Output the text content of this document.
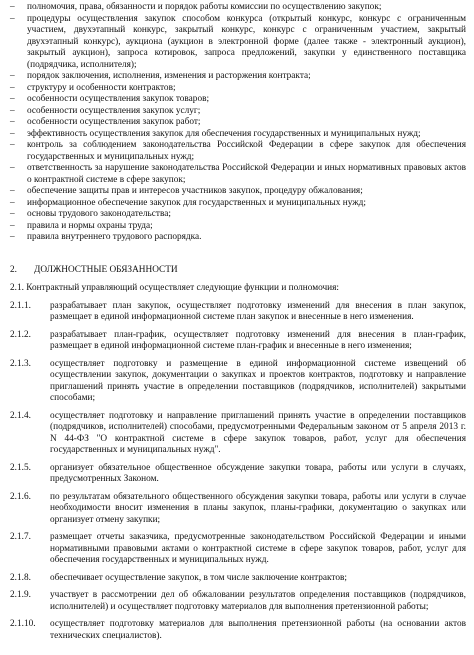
– полномочия, права, обязанности и порядок работы комиссии по осуществлению закупок;
– процедуры осуществления закупок способом конкурса (открытый конкурс, конкурс с ограниченным участием, двухэтапный конкурс, закрытый конкурс, конкурс с ограниченным участием, закрытый двухэтапный конкурс), аукциона (аукцион в электронной форме (далее также - электронный аукцион), закрытый аукцион), запроса котировок, запроса предложений, закупки у единственного поставщика (подрядчика, исполнителя);
– порядок заключения, исполнения, изменения и расторжения контракта;
– структуру и особенности контрактов;
– особенности осуществления закупок товаров;
– особенности осуществления закупок услуг;
– особенности осуществления закупок работ;
– эффективность осуществления закупок для обеспечения государственных и муниципальных нужд;
– контроль за соблюдением законодательства Российской Федерации в сфере закупок для обеспечения государственных и муниципальных нужд;
– ответственность за нарушение законодательства Российской Федерации и иных нормативных правовых актов о контрактной системе в сфере закупок;
– обеспечение защиты прав и интересов участников закупок, процедуру обжалования;
– информационное обеспечение закупок для государственных и муниципальных нужд;
– основы трудового законодательства;
– правила и нормы охраны труда;
– правила внутреннего трудового распорядка.
2.	ДОЛЖНОСТНЫЕ ОБЯЗАННОСТИ
2.1. Контрактный управляющий осуществляет следующие функции и полномочия:
2.1.1.	разрабатывает план закупок, осуществляет подготовку изменений для внесения в план закупок, размещает в единой информационной системе план закупок и внесенные в него изменения.
2.1.2.	разрабатывает план-график, осуществляет подготовку изменений для внесения в план-график, размещает в единой информационной системе план-график и внесенные в него изменения;
2.1.3.	осуществляет подготовку и размещение в единой информационной системе извещений об осуществлении закупок, документации о закупках и проектов контрактов, подготовку и направление приглашений принять участие в определении поставщиков (подрядчиков, исполнителей) закрытыми способами;
2.1.4.	осуществляет подготовку и направление приглашений принять участие в определении поставщиков (подрядчиков, исполнителей) способами, предусмотренными Федеральным законом от 5 апреля 2013 г. N 44-ФЗ "О контрактной системе в сфере закупок товаров, работ, услуг для обеспечения государственных и муниципальных нужд".
2.1.5.	организует обязательное общественное обсуждение закупки товара, работы или услуги в случаях, предусмотренных Законом.
2.1.6.	по результатам обязательного общественного обсуждения закупки товара, работы или услуги в случае необходимости вносит изменения в планы закупок, планы-графики, документацию о закупках или организует отмену закупки;
2.1.7.	размещает отчеты заказчика, предусмотренные законодательством Российской Федерации и иными нормативными правовыми актами о контрактной системе в сфере закупок товаров, работ, услуг для обеспечения государственных и муниципальных нужд.
2.1.8.	обеспечивает осуществление закупок, в том числе заключение контрактов;
2.1.9.	участвует в рассмотрении дел об обжаловании результатов определения поставщиков (подрядчиков, исполнителей) и осуществляет подготовку материалов для выполнения претензионной работы;
2.1.10.	осуществляет подготовку материалов для выполнения претензионной работы (на основании актов технических специалистов).
